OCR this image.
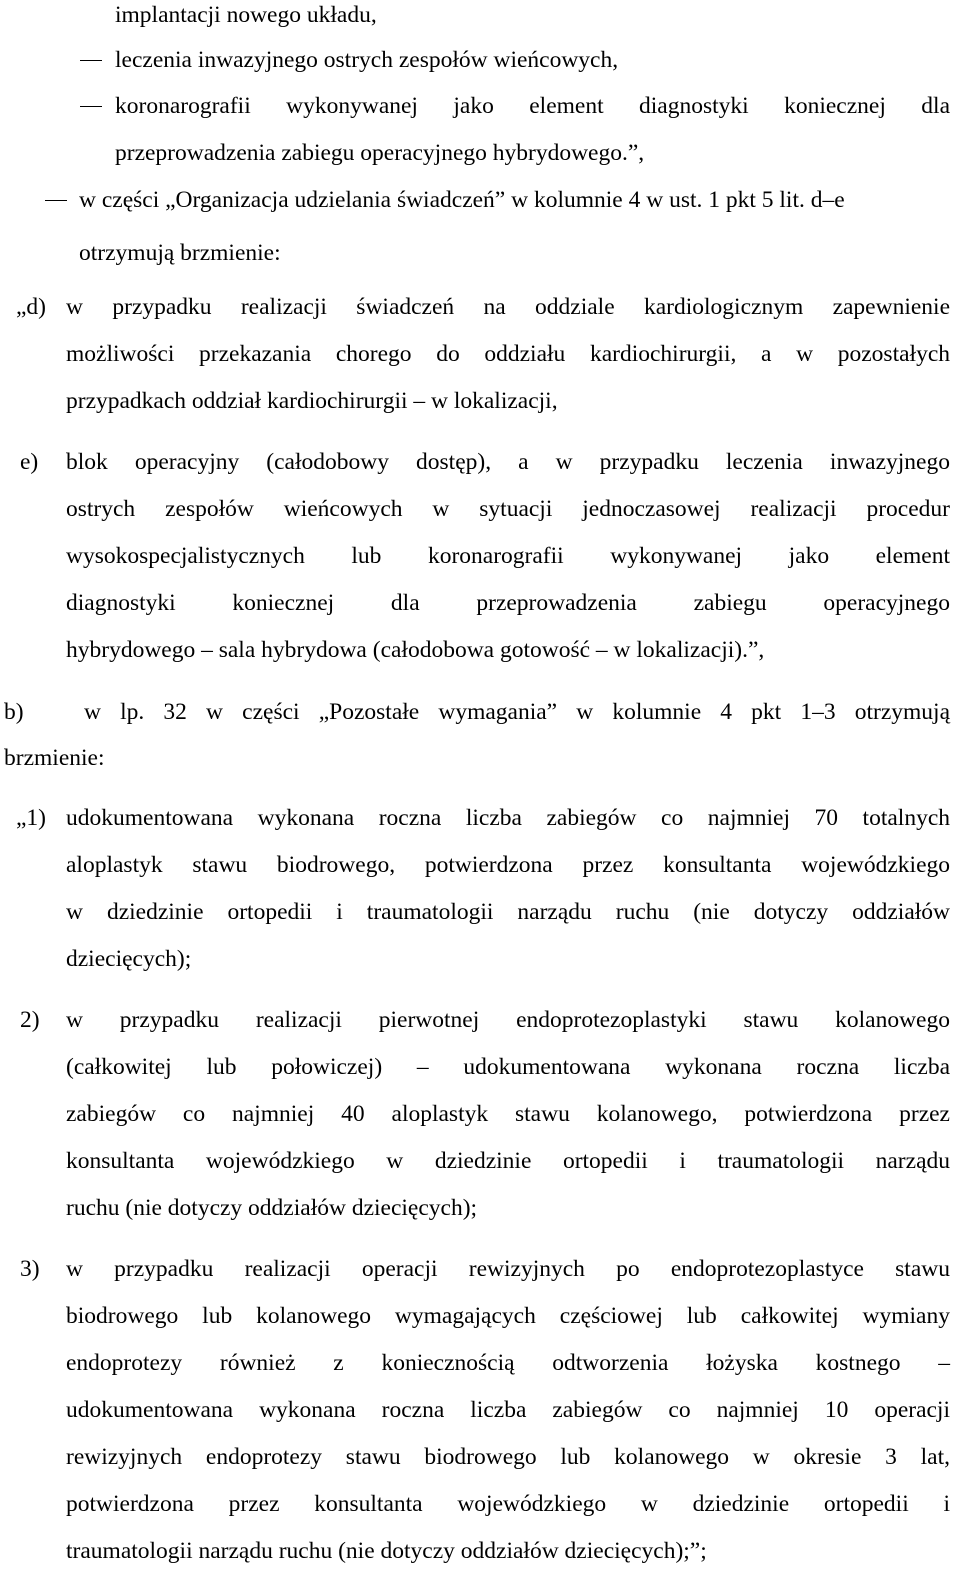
implantacji nowego układu,
leczenia inwazyjnego ostrych zespołów wieńcowych,
koronarografii wykonywanej jako element diagnostyki koniecznej dla
przeprowadzenia zabiegu operacyjnego hybrydowego.”,
w części „Organizacja udzielania świadczeń” w kolumnie 4 w ust. 1 pkt 5 lit. d–e
otrzymują brzmienie:
„d) w przypadku realizacji świadczeń na oddziale kardiologicznym zapewnienie
możliwości przekazania chorego do oddziału kardiochirurgii, a w pozostałych
przypadkach oddział kardiochirurgii – w lokalizacji,
e) blok operacyjny (całodobowy dostęp), a w przypadku leczenia inwazyjnego
ostrych zespołów wieńcowych w sytuacji jednoczasowej realizacji procedur
wysokospecjalistycznych lub koronarografii wykonywanej jako element
diagnostyki koniecznej dla przeprowadzenia zabiegu operacyjnego
hybrydowego – sala hybrydowa (całodobowa gotowość – w lokalizacji).”,
b)	w lp. 32 w części „Pozostałe wymagania” w kolumnie 4 pkt 1–3 otrzymują
brzmienie:
„1) udokumentowana wykonana roczna liczba zabiegów co najmniej 70 totalnych
aloplastyk stawu biodrowego, potwierdzona przez konsultanta wojewódzkiego
w dziedzinie ortopedii i traumatologii narządu ruchu (nie dotyczy oddziałów
dziecięcych);
2) w przypadku realizacji pierwotnej endoprotezoplastyki stawu kolanowego
(całkowitej lub połowiczej) – udokumentowana wykonana roczna liczba
zabiegów co najmniej 40 aloplastyk stawu kolanowego, potwierdzona przez
konsultanta wojewódzkiego w dziedzinie ortopedii i traumatologii narządu
ruchu (nie dotyczy oddziałów dziecięcych);
3) w przypadku realizacji operacji rewizyjnych po endoprotezoplastyce stawu
biodrowego lub kolanowego wymagających częściowej lub całkowitej wymiany
endoprotezy również z koniecznością odtworzenia łożyska kostnego –
udokumentowana wykonana roczna liczba zabiegów co najmniej 10 operacji
rewizyjnych endoprotezy stawu biodrowego lub kolanowego w okresie 3 lat,
potwierdzona przez konsultanta wojewódzkiego w dziedzinie ortopedii i
traumatologii narządu ruchu (nie dotyczy oddziałów dziecięcych);”;
